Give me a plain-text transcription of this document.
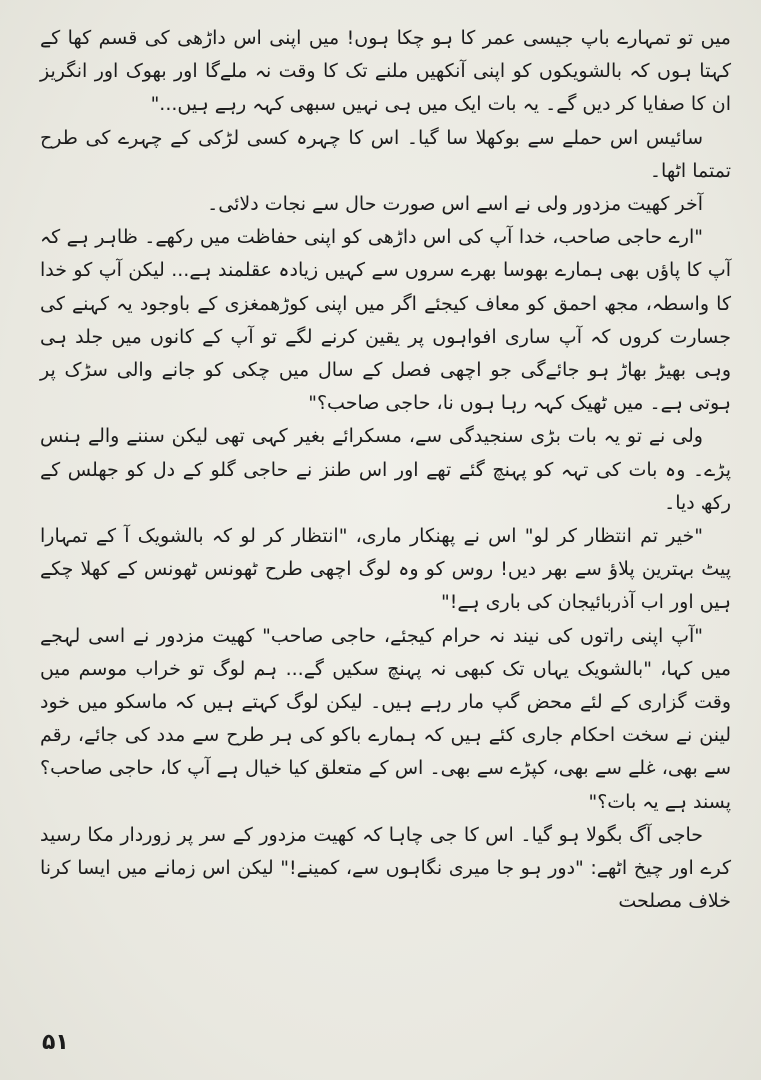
میں تو تمہارے باپ جیسی عمر کا ہو چکا ہوں! میں اپنی اس داڑھی کی قسم کھا کے کہتا ہوں کہ بالشویکوں کو اپنی آنکھیں ملنے تک کا وقت نہ ملےگا اور بھوک اور انگریز ان کا صفایا کر دیں گے۔ یہ بات ایک میں ہی نہیں سبھی کہہ رہے ہیں..."

سائیس اس حملے سے بوکھلا سا گیا۔ اس کا چہرہ کسی لڑکی کے چہرے کی طرح تمتما اٹھا۔

آخر کھیت مزدور ولی نے اسے اس صورت حال سے نجات دلائی۔

"ارے حاجی صاحب، خدا آپ کی اس داڑھی کو اپنی حفاظت میں رکھے۔ ظاہر ہے کہ آپ کا پاؤں بھی ہمارے بھوسا بھرے سروں سے کہیں زیادہ عقلمند ہے... لیکن آپ کو خدا کا واسطہ، مجھ احمق کو معاف کیجئے اگر میں اپنی کوڑھمغزی کے باوجود یہ کہنے کی جسارت کروں کہ آپ ساری افواہوں پر یقین کرنے لگے تو آپ کے کانوں میں جلد ہی وہی بھیڑ بھاڑ ہو جائےگی جو اچھی فصل کے سال میں چکی کو جانے والی سڑک پر ہوتی ہے۔ میں ٹھیک کہہ رہا ہوں نا، حاجی صاحب؟"

ولی نے تو یہ بات بڑی سنجیدگی سے، مسکرائے بغیر کہی تھی لیکن سننے والے ہنس پڑے۔ وہ بات کی تہہ کو پہنچ گئے تھے اور اس طنز نے حاجی گلو کے دل کو جھلس کے رکھ دیا۔

"خیر تم انتظار کر لو" اس نے پھنکار ماری، "انتظار کر لو کہ بالشویک آ کے تمہارا پیٹ بہترین پلاؤ سے بھر دیں! روس کو وہ لوگ اچھی طرح ٹھونس ٹھونس کے کھلا چکے ہیں اور اب آذربائیجان کی باری ہے!"

"آپ اپنی راتوں کی نیند نہ حرام کیجئے، حاجی صاحب" کھیت مزدور نے اسی لہجے میں کہا، "بالشویک یہاں تک کبھی نہ پہنچ سکیں گے... ہم لوگ تو خراب موسم میں وقت گزاری کے لئے محض گپ مار رہے ہیں۔ لیکن لوگ کہتے ہیں کہ ماسکو میں خود لینن نے سخت احکام جاری کئے ہیں کہ ہمارے باکو کی ہر طرح سے مدد کی جائے، رقم سے بھی، غلے سے بھی، کپڑے سے بھی۔ اس کے متعلق کیا خیال ہے آپ کا، حاجی صاحب؟ پسند ہے یہ بات؟"

حاجی آگ بگولا ہو گیا۔ اس کا جی چاہا کہ کھیت مزدور کے سر پر زوردار مکا رسید کرے اور چیخ اٹھے: "دور ہو جا میری نگاہوں سے، کمینے!" لیکن اس زمانے میں ایسا کرنا خلاف مصلحت

۵۱
